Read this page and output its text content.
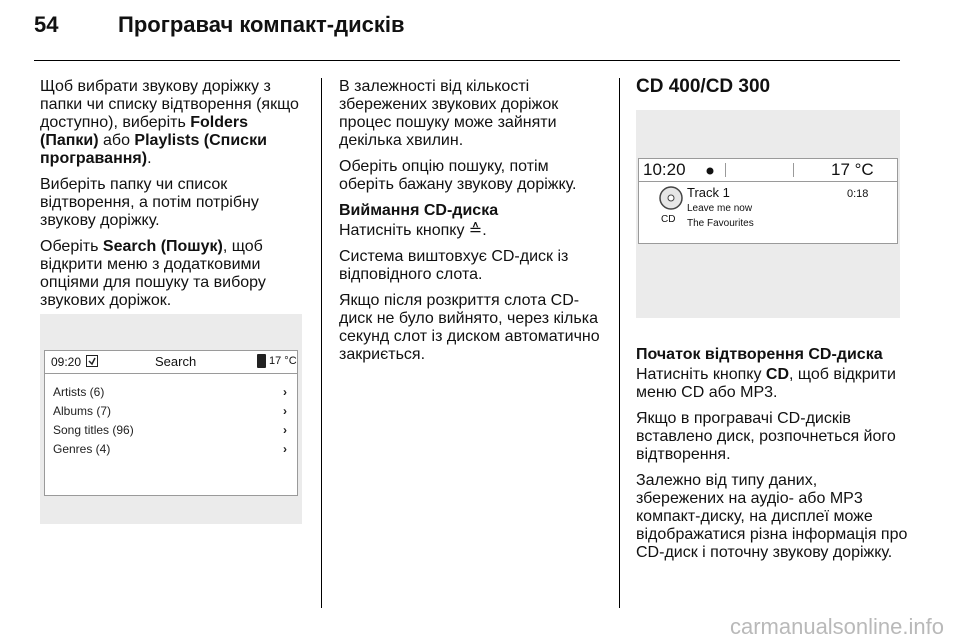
54	Програвач компакт-дисків

Щоб вибрати звукову доріжку з папки чи списку відтворення (якщо доступно), виберіть Folders (Папки) або Playlists (Списки програвання).

Виберіть папку чи список відтворення, а потім потрібну звукову доріжку.

Оберіть Search (Пошук), щоб відкрити меню з додатковими опціями для пошуку та вибору звукових доріжок.

09:20	Search	17 °C
Artists (6)	›
Albums (7)	›
Song titles (96)	›
Genres (4)	›

В залежності від кількості збережених звукових доріжок процес пошуку може зайняти декілька хвилин.

Оберіть опцію пошуку, потім оберіть бажану звукову доріжку.

Виймання CD-диска

Натисніть кнопку ≙.

Система виштовхує CD-диск із відповідного слота.

Якщо після розкриття слота CD-диск не було вийнято, через кілька секунд слот із диском автоматично закриється.

CD 400/CD 300
10:20	17 °C
CD
Track 1
Leave me now
The Favourites
0:18
Початок відтворення CD-диска

Натисніть кнопку CD, щоб відкрити меню CD або MP3.

Якщо в програвачі CD-дисків вставлено диск, розпочнеться його відтворення.

Залежно від типу даних, збережених на аудіо- або MP3 компакт-диску, на дисплеї може відображатися різна інформація про CD-диск і поточну звукову доріжку.

carmanualsonline.info
